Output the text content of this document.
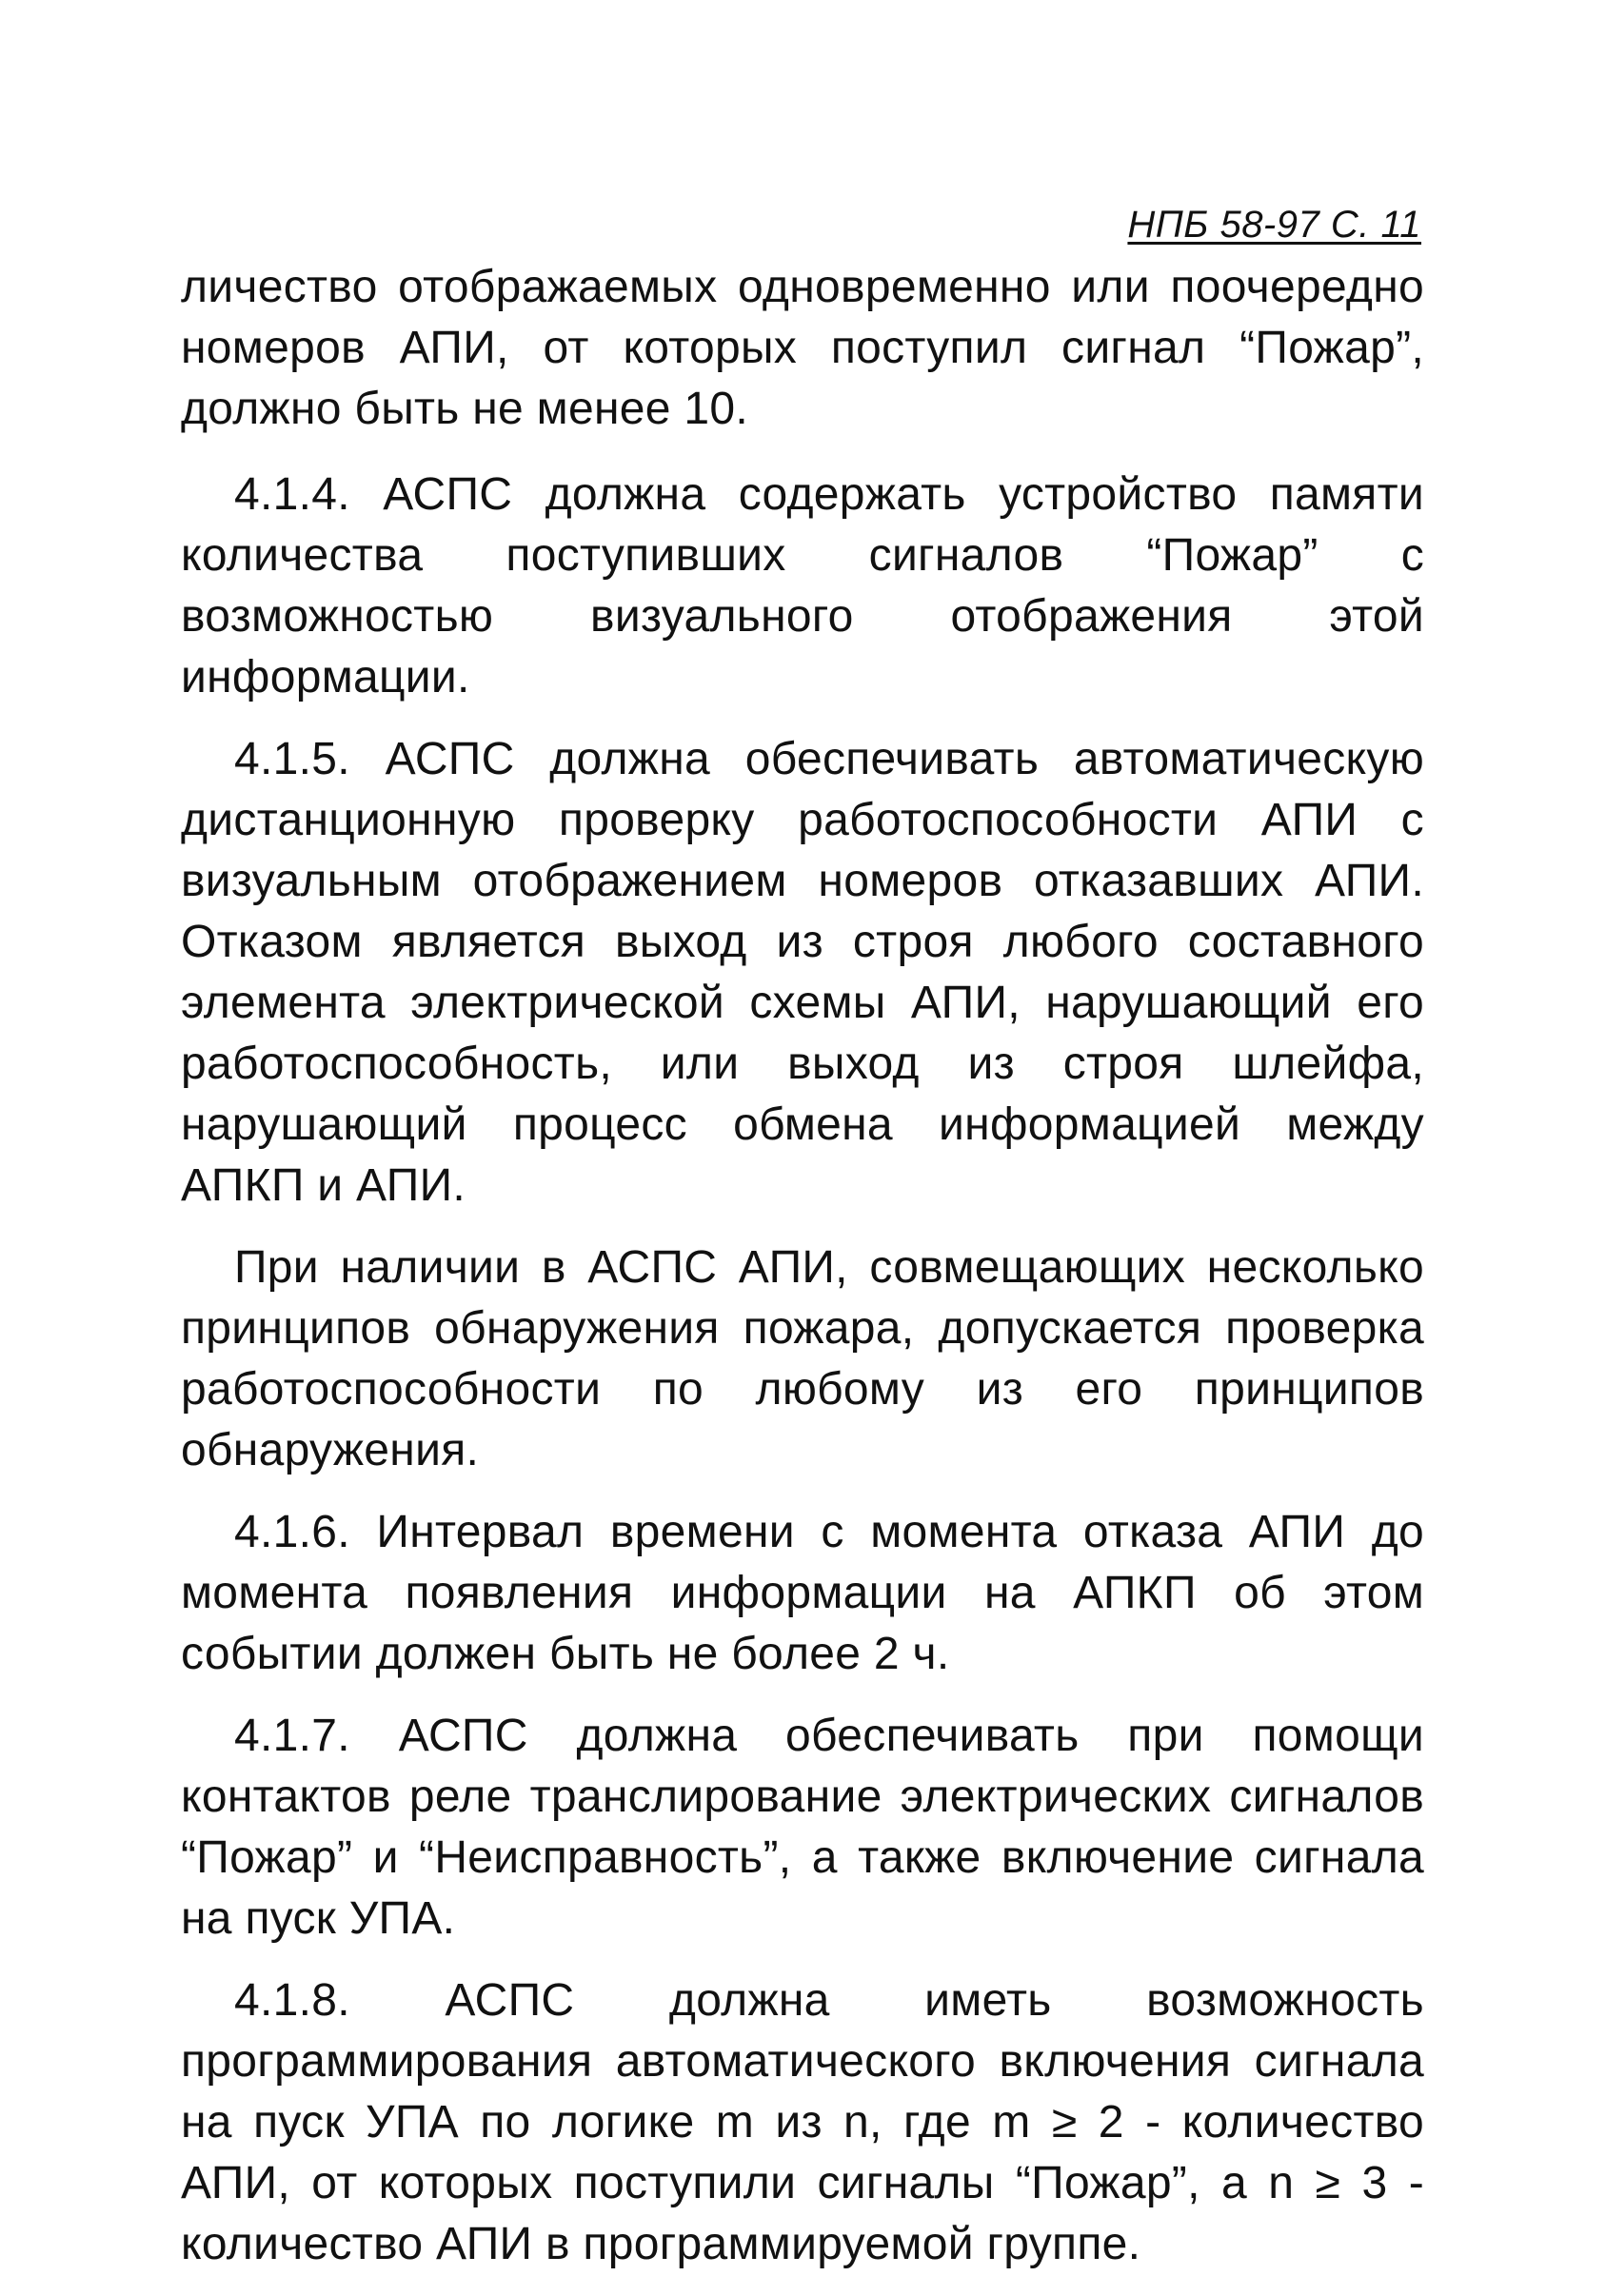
НПБ 58-97 С. 11

личество отображаемых одновременно или поочередно номеров АПИ, от которых поступил сигнал “Пожар”, должно быть не менее 10.

4.1.4. АСПС должна содержать устройство памяти количества поступивших сигналов “Пожар” с возможностью визуального отображения этой информации.

4.1.5. АСПС должна обеспечивать автоматическую дистанционную проверку работоспособности АПИ с визуальным отображением номеров отказавших АПИ. Отказом является выход из строя любого составного элемента электрической схемы АПИ, нарушающий его работоспособность, или выход из строя шлейфа, нарушающий процесс обмена информацией между АПКП и АПИ.

При наличии в АСПС АПИ, совмещающих несколько принципов обнаружения пожара, допускается проверка работоспособности по любому из его принципов обнаружения.

4.1.6. Интервал времени с момента отказа АПИ до момента появления информации на АПКП об этом событии должен быть не более 2 ч.

4.1.7. АСПС должна обеспечивать при помощи контактов реле транслирование электрических сигналов “Пожар” и “Неисправность”, а также включение сигнала на пуск УПА.

4.1.8. АСПС должна иметь возможность программирования автоматического включения сигнала на пуск УПА по логике m из n, где m ≥ 2 - количество АПИ, от которых поступили сигналы “Пожар”, а n ≥ 3 - количество АПИ в программируемой группе.
